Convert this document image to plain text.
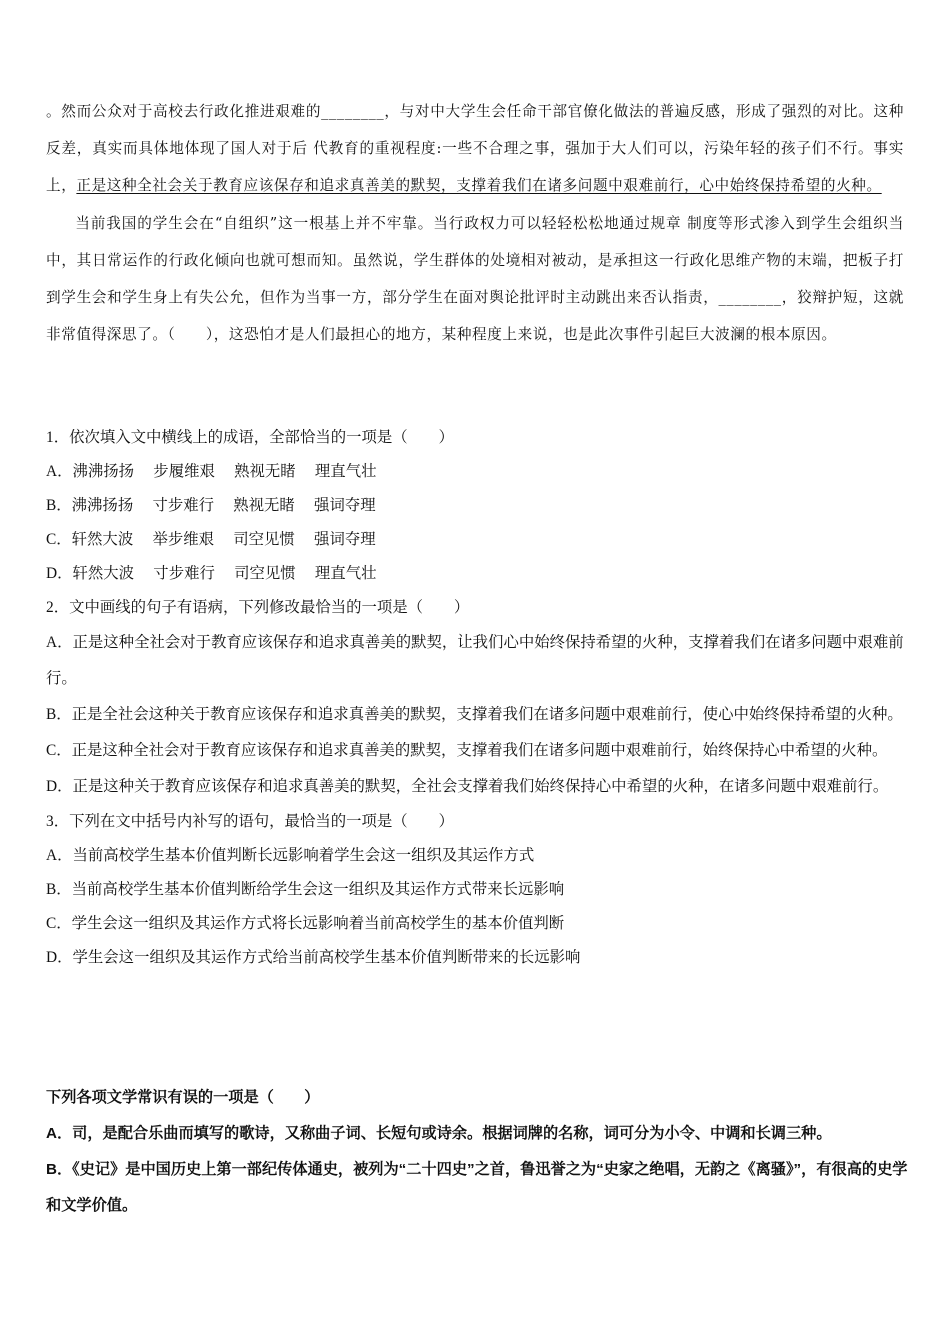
。然而公众对于高校去行政化推进艰难的________，与对中大学生会任命干部官僚化做法的普遍反感，形成了强烈的对比。这种反差，真实而具体地体现了国人对于后 代教育的重视程度:一些不合理之事，强加于大人们可以，污染年轻的孩子们不行。事实上，正是这种全社会关于教育应该保存和追求真善美的默契，支撑着我们在诸多问题中艰难前行，心中始终保持希望的火种。

当前我国的学生会在“自组织”这一根基上并不牢靠。当行政权力可以轻轻松松地通过规章 制度等形式渗入到学生会组织当中，其日常运作的行政化倾向也就可想而知。虽然说，学生群体的处境相对被动，是承担这一行政化思维产物的末端，把板子打到学生会和学生身上有失公允，但作为当事一方，部分学生在面对舆论批评时主动跳出来否认指责，________，狡辩护短，这就非常值得深思了。（　　），这恐怕才是人们最担心的地方，某种程度上来说，也是此次事件引起巨大波澜的根本原因。

1．依次填入文中横线上的成语，全部恰当的一项是（　　）

A．沸沸扬扬　 步履维艰　 熟视无睹　 理直气壮

B．沸沸扬扬　 寸步难行　 熟视无睹　 强词夺理

C．轩然大波　 举步维艰　 司空见惯　 强词夺理

D．轩然大波　 寸步难行　 司空见惯　 理直气壮

2．文中画线的句子有语病，下列修改最恰当的一项是（　　）

A．正是这种全社会对于教育应该保存和追求真善美的默契，让我们心中始终保持希望的火种，支撑着我们在诸多问题中艰难前行。

B．正是全社会这种关于教育应该保存和追求真善美的默契，支撑着我们在诸多问题中艰难前行，使心中始终保持希望的火种。

C．正是这种全社会对于教育应该保存和追求真善美的默契，支撑着我们在诸多问题中艰难前行，始终保持心中希望的火种。

D．正是这种关于教育应该保存和追求真善美的默契，全社会支撑着我们始终保持心中希望的火种，在诸多问题中艰难前行。

3．下列在文中括号内补写的语句，最恰当的一项是（　　）

A．当前高校学生基本价值判断长远影响着学生会这一组织及其运作方式

B．当前高校学生基本价值判断给学生会这一组织及其运作方式带来长远影响

C．学生会这一组织及其运作方式将长远影响着当前高校学生的基本价值判断

D．学生会这一组织及其运作方式给当前高校学生基本价值判断带来的长远影响

下列各项文学常识有误的一项是（　　）

A．司，是配合乐曲而填写的歌诗，又称曲子词、长短句或诗余。根据词牌的名称，词可分为小令、中调和长调三种。

B．《史记》是中国历史上第一部纪传体通史，被列为“二十四史”之首，鲁迅誉之为“史家之绝唱，无韵之《离骚》”，有很高的史学和文学价值。
